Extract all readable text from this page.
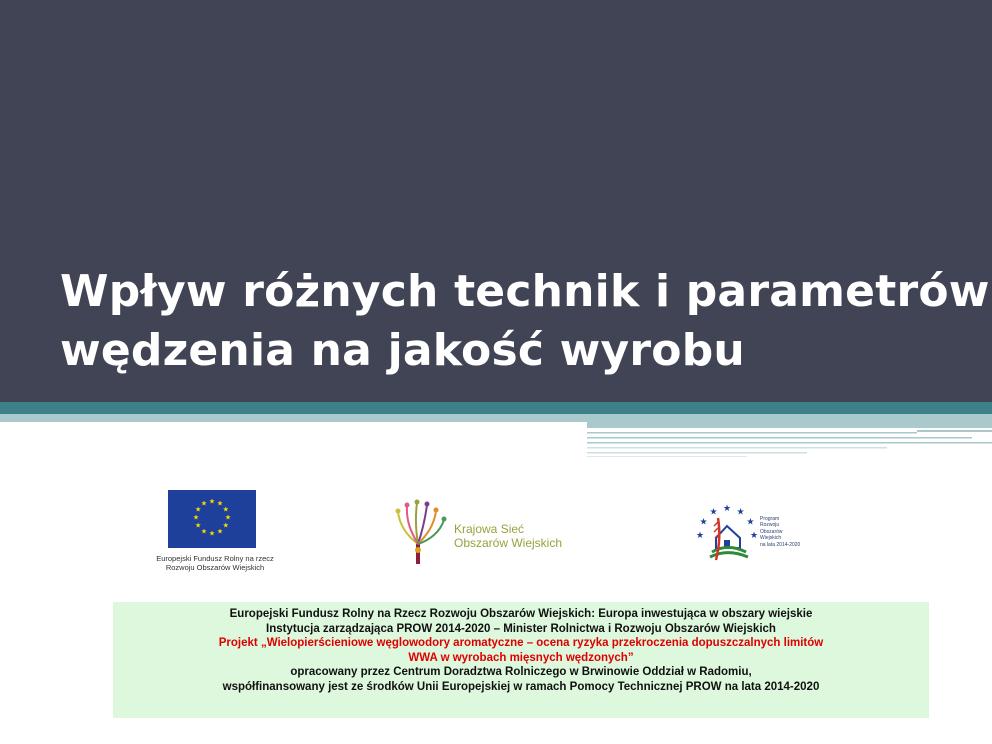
Wpływ różnych technik i parametrów
wędzenia na jakość wyrobu
★ ★
★
★
★
★
★
★
★
★
★
★
Europejski Fundusz Rolny na rzecz
Rozwoju Obszarów Wiejskich
Krajowa Sieć
Obszarów Wiejskich
★ ★
★
★
★
★
★
Program
Rozwoju
Obszarów
Wiejskich
na lata 2014-2020
Europejski Fundusz Rolny na Rzecz Rozwoju Obszarów Wiejskich: Europa inwestująca w obszary wiejskie
Instytucja zarządzająca PROW 2014-2020 – Minister Rolnictwa i Rozwoju Obszarów Wiejskich
Projekt „Wielopierścieniowe węglowodory aromatyczne – ocena ryzyka przekroczenia dopuszczalnych limitów
WWA w wyrobach mięsnych wędzonych”
opracowany przez Centrum Doradztwa Rolniczego w Brwinowie Oddział w Radomiu,
współfinansowany jest ze środków Unii Europejskiej w ramach Pomocy Technicznej PROW na lata 2014-2020
